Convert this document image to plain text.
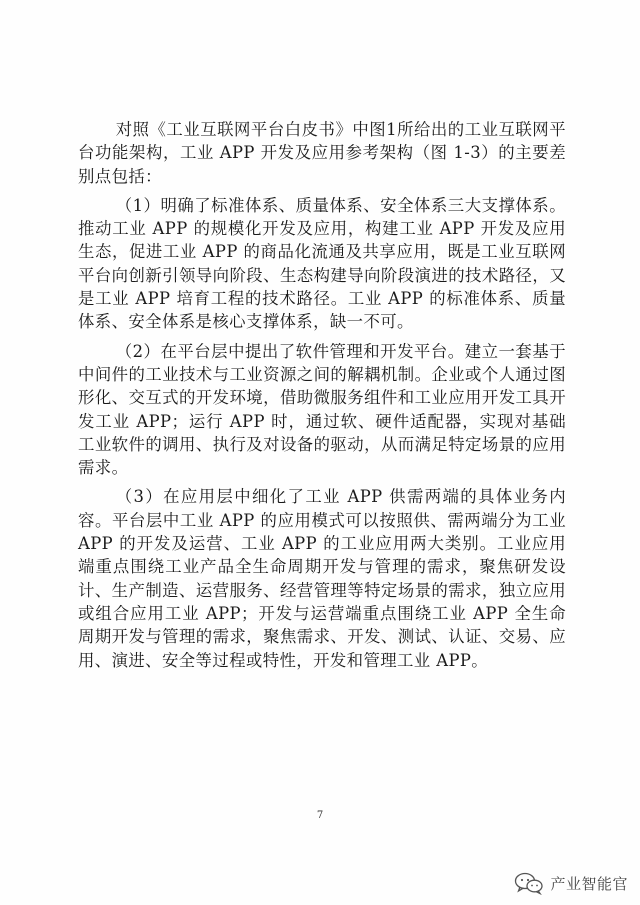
对照《工业互联网平台白皮书》中图1所给出的工业互联网平台功能架构，工业 APP 开发及应用参考架构（图 1-3）的主要差别点包括：

（1）明确了标准体系、质量体系、安全体系三大支撑体系。推动工业 APP 的规模化开发及应用，构建工业 APP 开发及应用生态，促进工业 APP 的商品化流通及共享应用，既是工业互联网平台向创新引领导向阶段、生态构建导向阶段演进的技术路径，又是工业 APP 培育工程的技术路径。工业 APP 的标准体系、质量体系、安全体系是核心支撑体系，缺一不可。

（2）在平台层中提出了软件管理和开发平台。建立一套基于中间件的工业技术与工业资源之间的解耦机制。企业或个人通过图形化、交互式的开发环境，借助微服务组件和工业应用开发工具开发工业 APP；运行 APP 时，通过软、硬件适配器，实现对基础工业软件的调用、执行及对设备的驱动，从而满足特定场景的应用需求。

（3）在应用层中细化了工业 APP 供需两端的具体业务内容。平台层中工业 APP 的应用模式可以按照供、需两端分为工业 APP 的开发及运营、工业 APP 的工业应用两大类别。工业应用端重点围绕工业产品全生命周期开发与管理的需求，聚焦研发设计、生产制造、运营服务、经营管理等特定场景的需求，独立应用或组合应用工业 APP；开发与运营端重点围绕工业 APP 全生命周期开发与管理的需求，聚焦需求、开发、测试、认证、交易、应用、演进、安全等过程或特性，开发和管理工业 APP。

7
产业智能官
